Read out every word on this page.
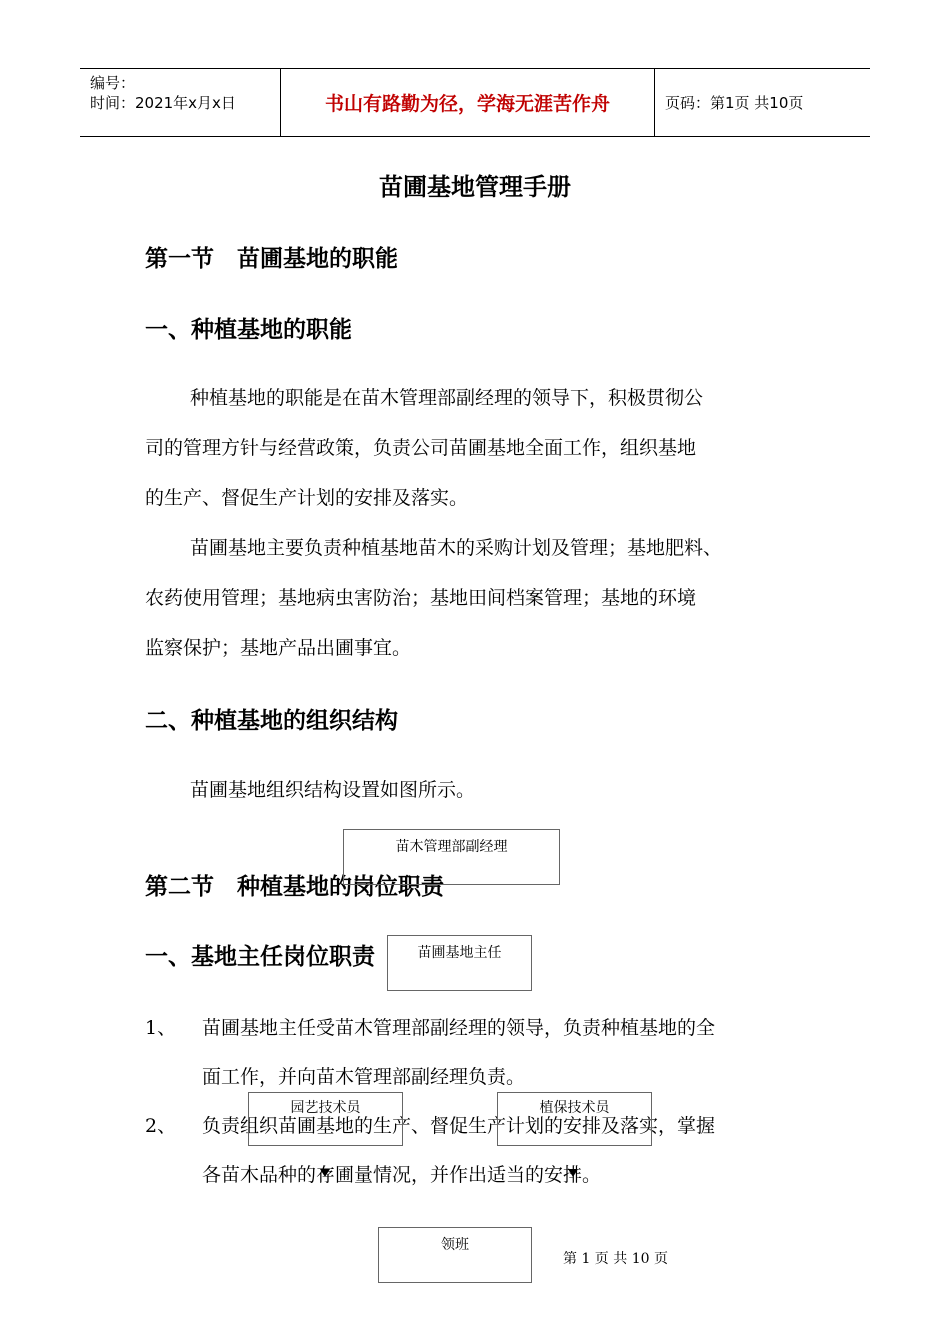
编号：
时间：2021年x月x日	书山有路勤为径，学海无涯苦作舟	页码：第1页 共10页
苗圃基地管理手册
第一节　苗圃基地的职能
一、种植基地的职能
种植基地的职能是在苗木管理部副经理的领导下，积极贯彻公
司的管理方针与经营政策，负责公司苗圃基地全面工作，组织基地
的生产、督促生产计划的安排及落实。
苗圃基地主要负责种植基地苗木的采购计划及管理；基地肥料、
农药使用管理；基地病虫害防治；基地田间档案管理；基地的环境
监察保护；基地产品出圃事宜。
二、种植基地的组织结构
苗圃基地组织结构设置如图所示。
第二节　种植基地的岗位职责
一、基地主任岗位职责
1、 苗圃基地主任受苗木管理部副经理的领导，负责种植基地的全
面工作，并向苗木管理部副经理负责。
2、 负责组织苗圃基地的生产、督促生产计划的安排及落实，掌握
各苗木品种的存圃量情况，并作出适当的安排。
苗木管理部副经理
苗圃基地主任
园艺技术员	植保技术员
领班
第 1 页 共 10 页
